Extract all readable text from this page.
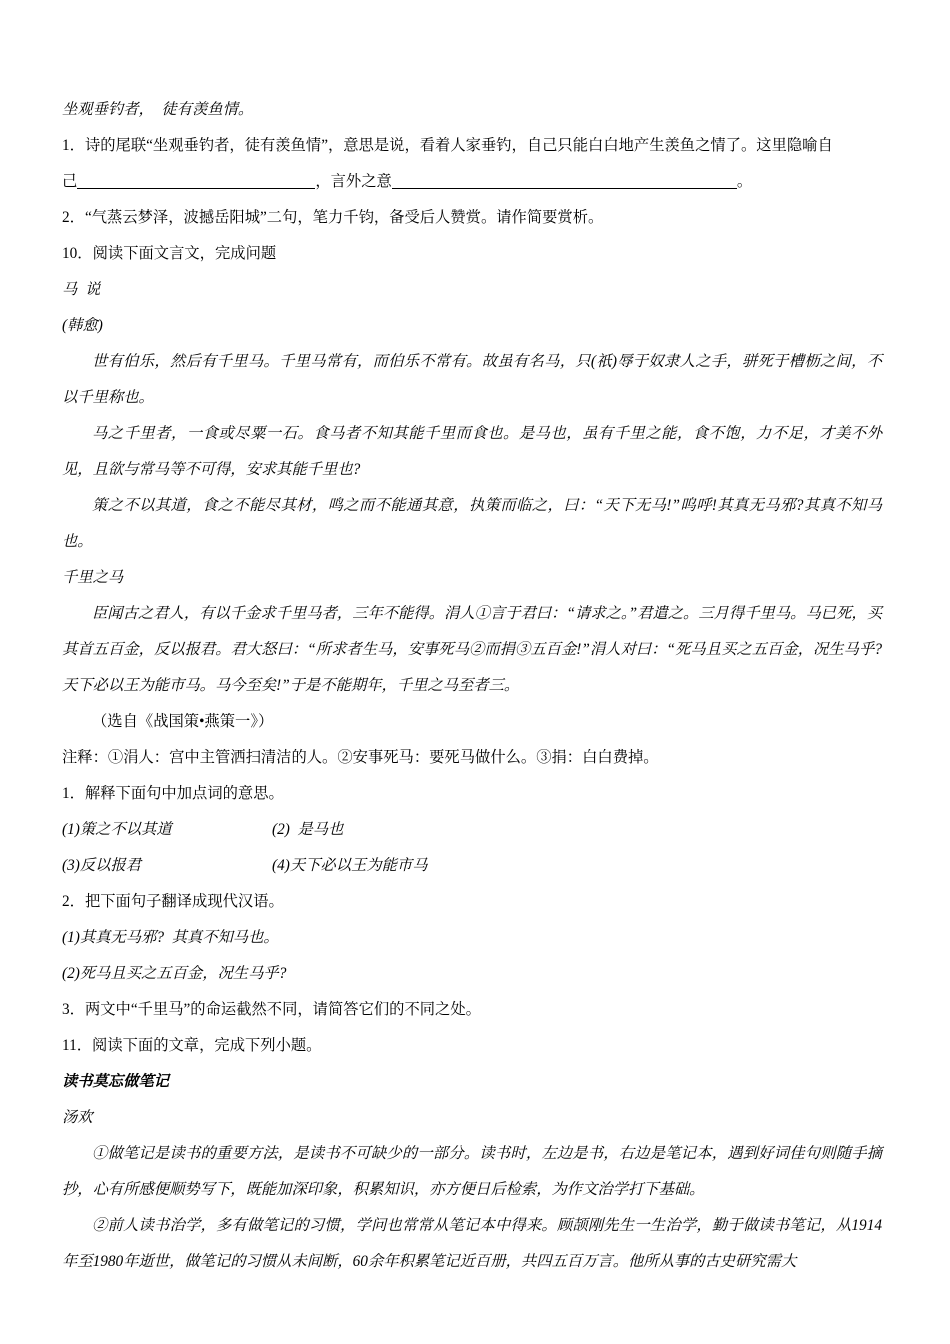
坐观垂钓者，  徒有羡鱼情。

1．诗的尾联“坐观垂钓者，徒有羡鱼情”，意思是说，看着人家垂钓，自己只能白白地产生羡鱼之情了。这里隐喻自

己	，言外之意	。

2．“气蒸云梦泽，波撼岳阳城”二句，笔力千钧，备受后人赞赏。请作简要赏析。

10．阅读下面文言文，完成问题

马  说

(韩愈)

世有伯乐，然后有千里马。千里马常有，而伯乐不常有。故虽有名马，只(祇)辱于奴隶人之手，骈死于槽枥之间，不以千里称也。

马之千里者，一食或尽粟一石。食马者不知其能千里而食也。是马也，虽有千里之能，食不饱，力不足，才美不外见，且欲与常马等不可得，安求其能千里也?

策之不以其道，食之不能尽其材，鸣之而不能通其意，执策而临之，曰：“天下无马!”呜呼!其真无马邪?其真不知马也。

千里之马

臣闻古之君人，有以千金求千里马者，三年不能得。涓人①言于君曰：“请求之。”君遣之。三月得千里马。马已死，买其首五百金，反以报君。君大怒曰：“所求者生马，安事死马②而捐③五百金!”涓人对曰：“死马且买之五百金，况生马乎?天下必以王为能市马。马今至矣!”于是不能期年，千里之马至者三。

（选自《战国策•燕策一》）

注释：①涓人：宫中主管洒扫清洁的人。②安事死马：要死马做什么。③捐：白白费掉。

1．解释下面句中加点词的意思。

(1)策之不以其道	(2)  是马也

(3)反以报君	(4)天下必以王为能市马

2．把下面句子翻译成现代汉语。

(1)其真无马邪?  其真不知马也。

(2)死马且买之五百金，况生马乎?

3．两文中“千里马”的命运截然不同，请简答它们的不同之处。

11．阅读下面的文章，完成下列小题。

读书莫忘做笔记

汤欢

①做笔记是读书的重要方法，是读书不可缺少的一部分。读书时，左边是书，右边是笔记本，遇到好词佳句则随手摘抄，心有所感便顺势写下，既能加深印象，积累知识，亦方便日后检索，为作文治学打下基础。

②前人读书治学，多有做笔记的习惯，学问也常常从笔记本中得来。顾颉刚先生一生治学，勤于做读书笔记，从1914年至1980年逝世，做笔记的习惯从未间断，60余年积累笔记近百册，共四五百万言。他所从事的古史研究需大
